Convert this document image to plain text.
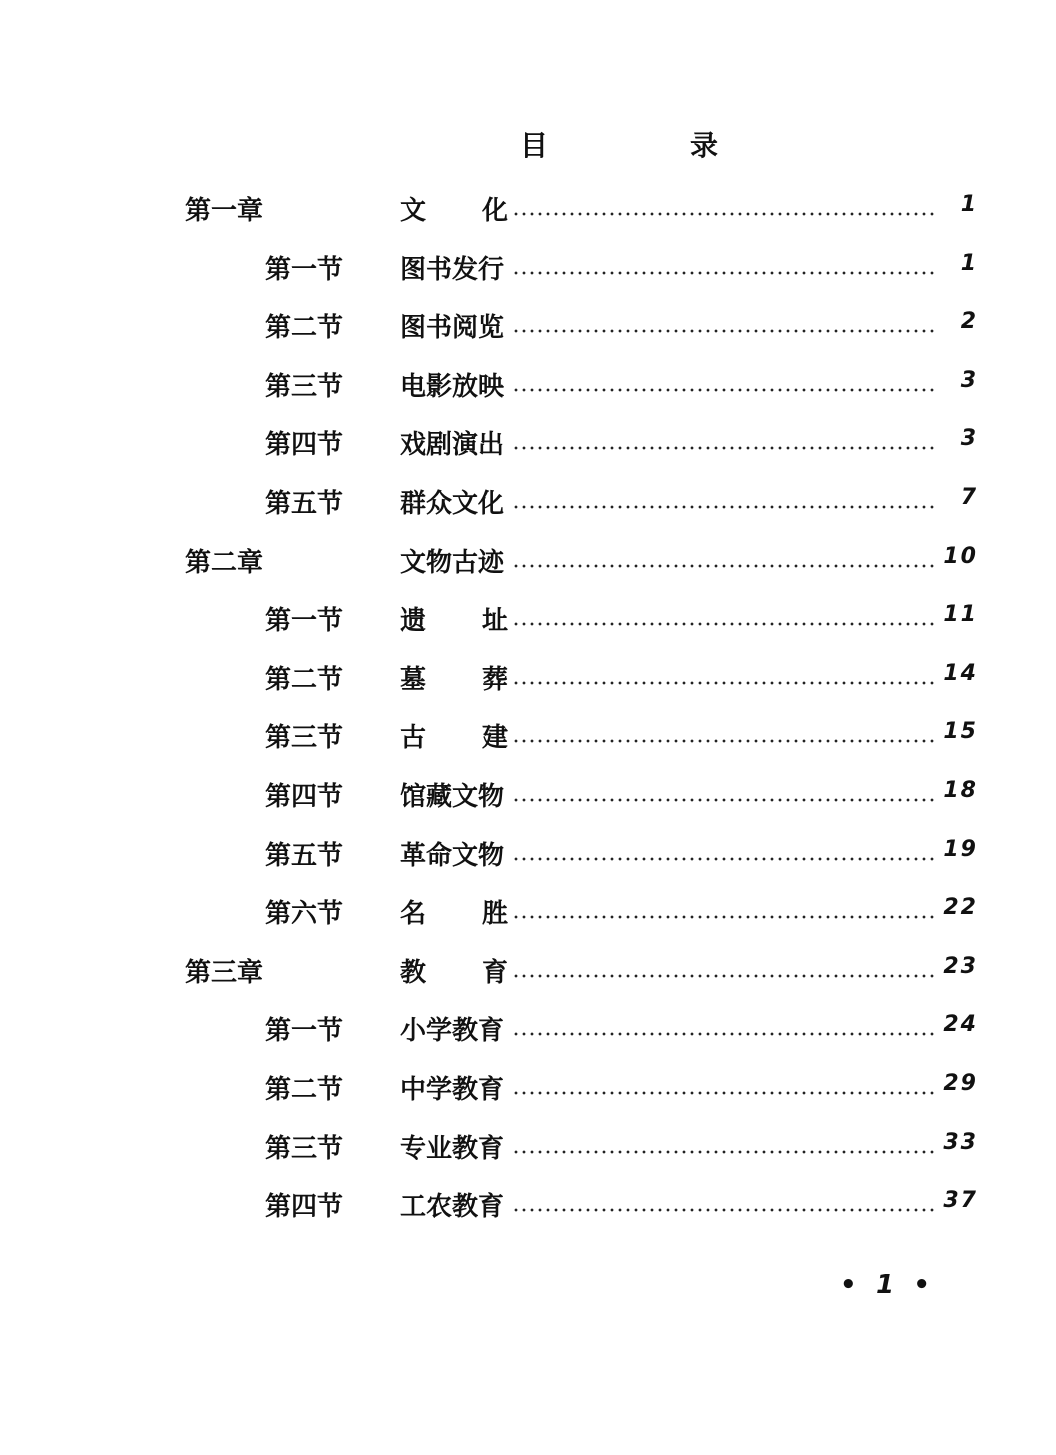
目	录
第一章	文 化	1
第一节 图书发行	1
第二节 图书阅览	2
第三节 电影放映	3
第四节 戏剧演出	3
第五节 群众文化	7
第二章	文物古迹	10
第一节 遗 址	11
第二节 墓 葬	14
第三节 古 建	15
第四节 馆藏文物	18
第五节 革命文物	19
第六节 名 胜	22
第三章	教 育	23
第一节 小学教育	24
第二节 中学教育	29
第三节 专业教育	33
第四节 工农教育	37
• 1 •
